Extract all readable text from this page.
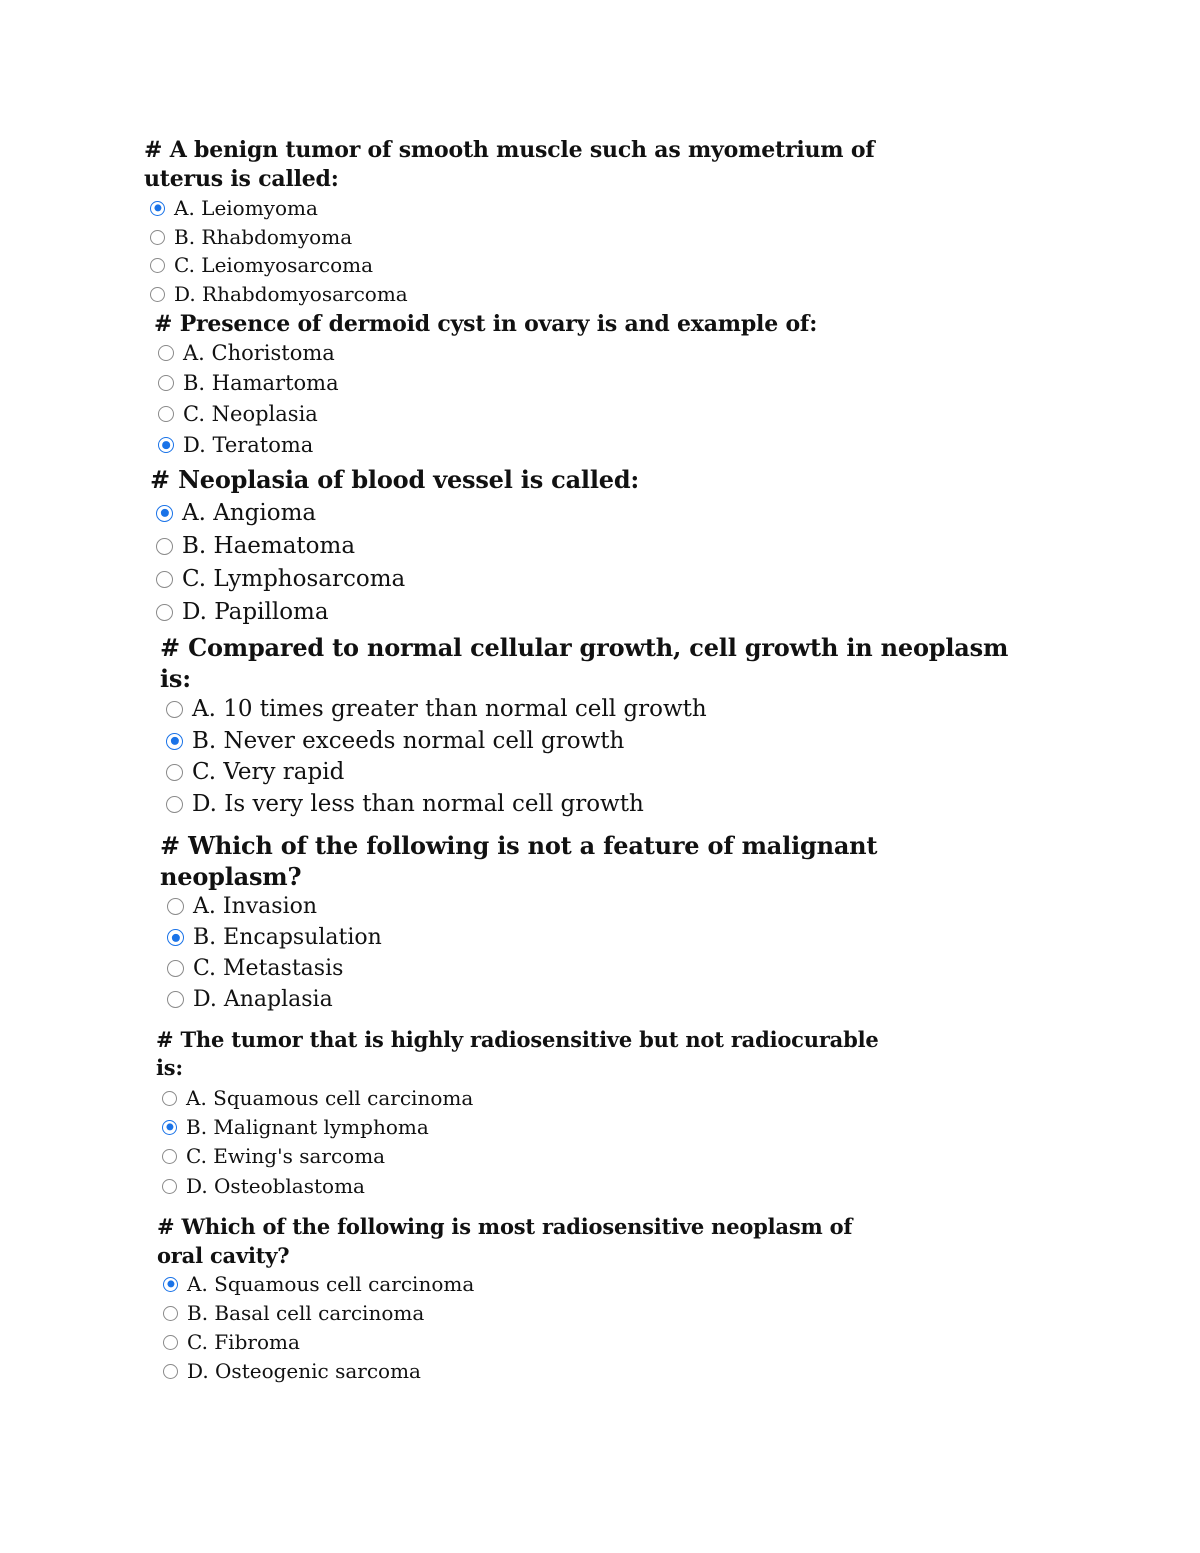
# A benign tumor of smooth muscle such as myometrium of
uterus is called:
A. Leiomyoma
B. Rhabdomyoma
C. Leiomyosarcoma
D. Rhabdomyosarcoma
# Presence of dermoid cyst in ovary is and example of:
A. Choristoma
B. Hamartoma
C. Neoplasia
D. Teratoma
# Neoplasia of blood vessel is called:
A. Angioma
B. Haematoma
C. Lymphosarcoma
D. Papilloma
# Compared to normal cellular growth, cell growth in neoplasm
is:
A. 10 times greater than normal cell growth
B. Never exceeds normal cell growth
C. Very rapid
D. Is very less than normal cell growth
# Which of the following is not a feature of malignant
neoplasm?
A. Invasion
B. Encapsulation
C. Metastasis
D. Anaplasia
# The tumor that is highly radiosensitive but not radiocurable
is:
A. Squamous cell carcinoma
B. Malignant lymphoma
C. Ewing's sarcoma
D. Osteoblastoma
# Which of the following is most radiosensitive neoplasm of
oral cavity?
A. Squamous cell carcinoma
B. Basal cell carcinoma
C. Fibroma
D. Osteogenic sarcoma
